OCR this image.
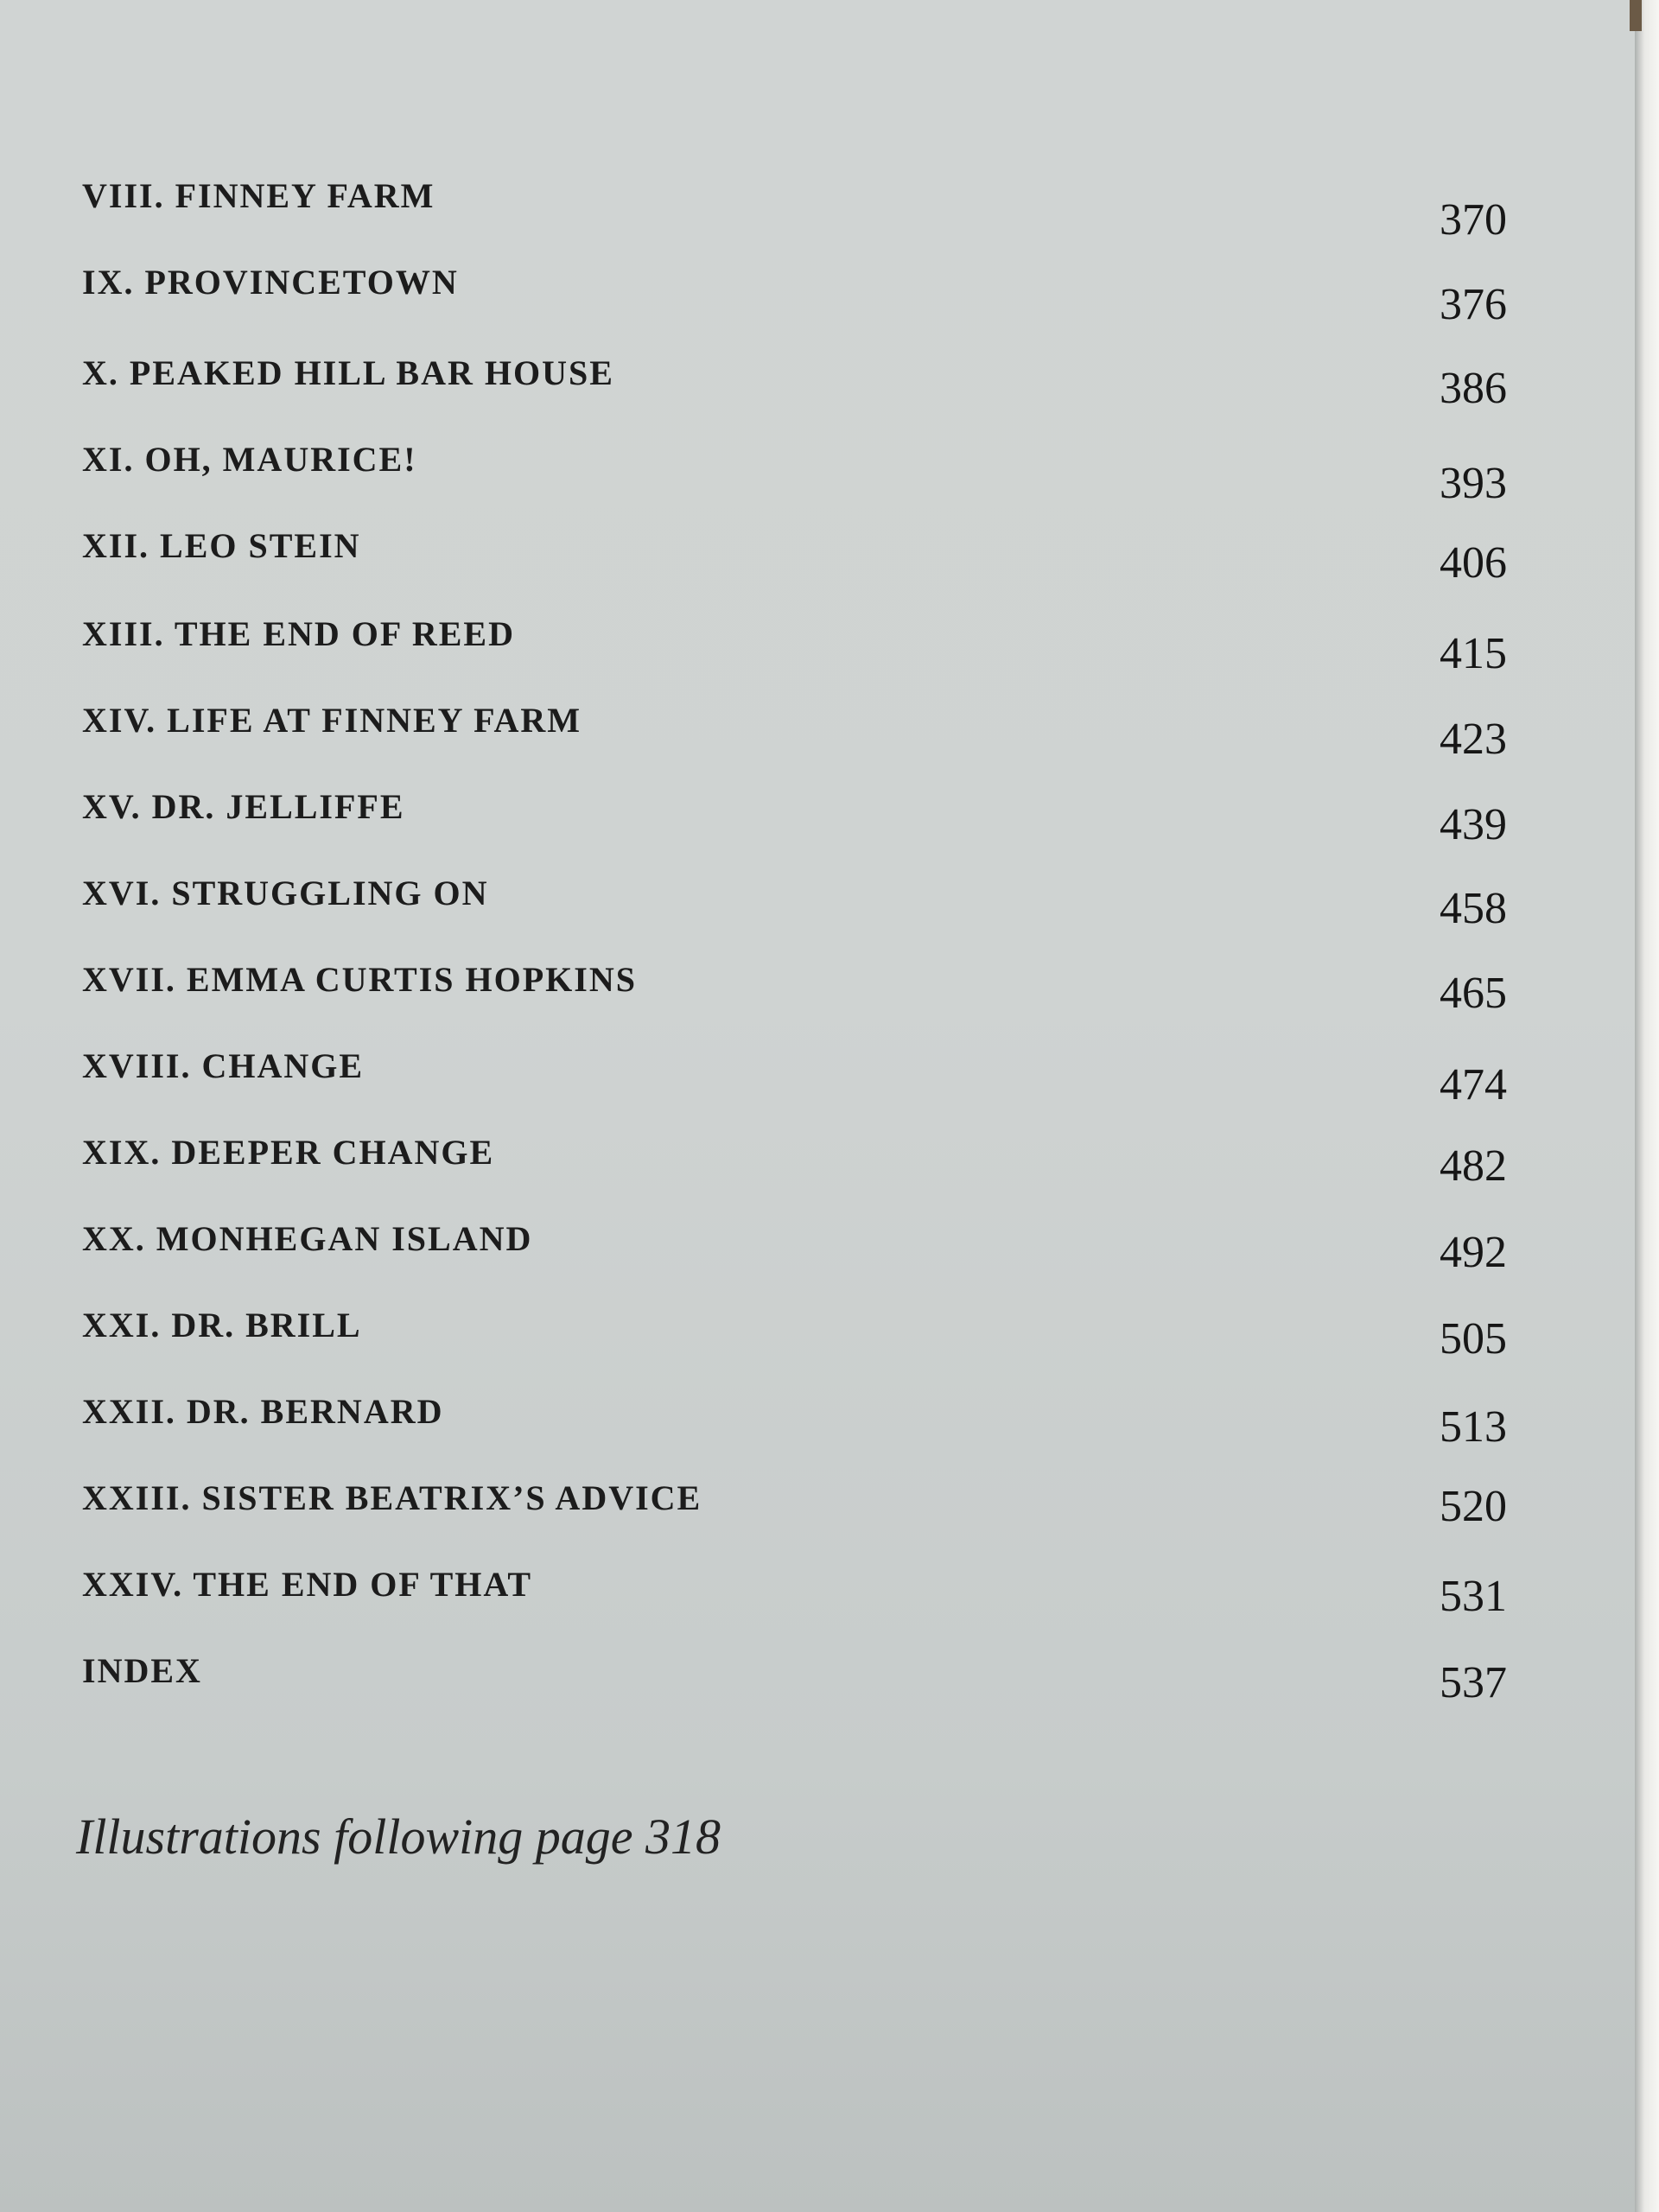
VIII. FINNEY FARM	370
IX. PROVINCETOWN	376
X. PEAKED HILL BAR HOUSE	386
XI. OH, MAURICE!	393
XII. LEO STEIN	406
XIII. THE END OF REED	415
XIV. LIFE AT FINNEY FARM	423
XV. DR. JELLIFFE	439
XVI. STRUGGLING ON	458
XVII. EMMA CURTIS HOPKINS	465
XVIII. CHANGE	474
XIX. DEEPER CHANGE	482
XX. MONHEGAN ISLAND	492
XXI. DR. BRILL	505
XXII. DR. BERNARD	513
XXIII. SISTER BEATRIX’S ADVICE	520
XXIV. THE END OF THAT	531
INDEX	537
Illustrations following page 318
